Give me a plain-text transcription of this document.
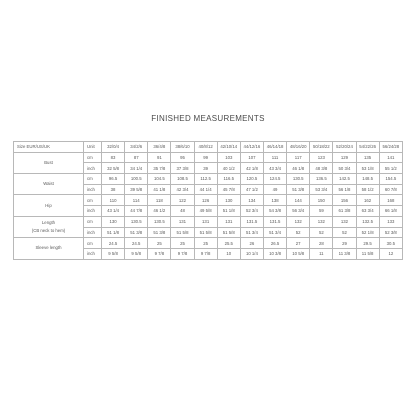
FINISHED MEASUREMENTS
Size EUR/US/UK	Unit	32/0/4	34/2/6	36/4/8	38/6/10	40/8/12	42/10/14	44/12/16	46/14/18	48/16/20	50/18/22	52/20/24	54/22/26	56/24/28
Bust	cm	83	87	91	95	99	103	107	111	117	123	129	135	141
	inch	32 5/8	34 1/4	35 7/8	37 3/8	39	40 1/2	42 1/8	43 3/4	46 1/8	48 3/8	50 3/4	53 1/8	55 1/2
Waist	cm	96.5	100.5	104.5	108.5	112.5	116.5	120.5	124.5	130.5	136.5	142.5	148.5	154.5
	inch	38	39 5/8	41 1/8	42 3/4	44 1/4	45 7/8	47 1/2	49	51 3/8	53 3/4	56 1/8	58 1/2	60 7/8
Hip	cm	110	114	118	122	126	130	134	138	144	150	156	162	168
	inch	43 1/4	44 7/8	46 1/2	48	49 5/8	51 1/8	52 3/4	54 3/8	56 3/4	59	61 3/8	63 3/4	66 1/8
Length
(CB neck to hem)	cm	130	130.5	130.5	131	131	131	131.5	131.5	132	132	132	132.5	133
	inch	51 1/8	51 3/8	51 3/8	51 5/8	51 5/8	51 5/8	51 3/4	51 3/4	52	52	52	52 1/8	52 3/8
Sleeve length	cm	24.5	24.5	25	25	25	25.5	26	26.5	27	28	29	29.5	30.5
	inch	9 5/8	9 5/8	9 7/8	9 7/8	9 7/8	10	10 1/4	10 3/8	10 5/8	11	11 3/8	11 5/8	12
